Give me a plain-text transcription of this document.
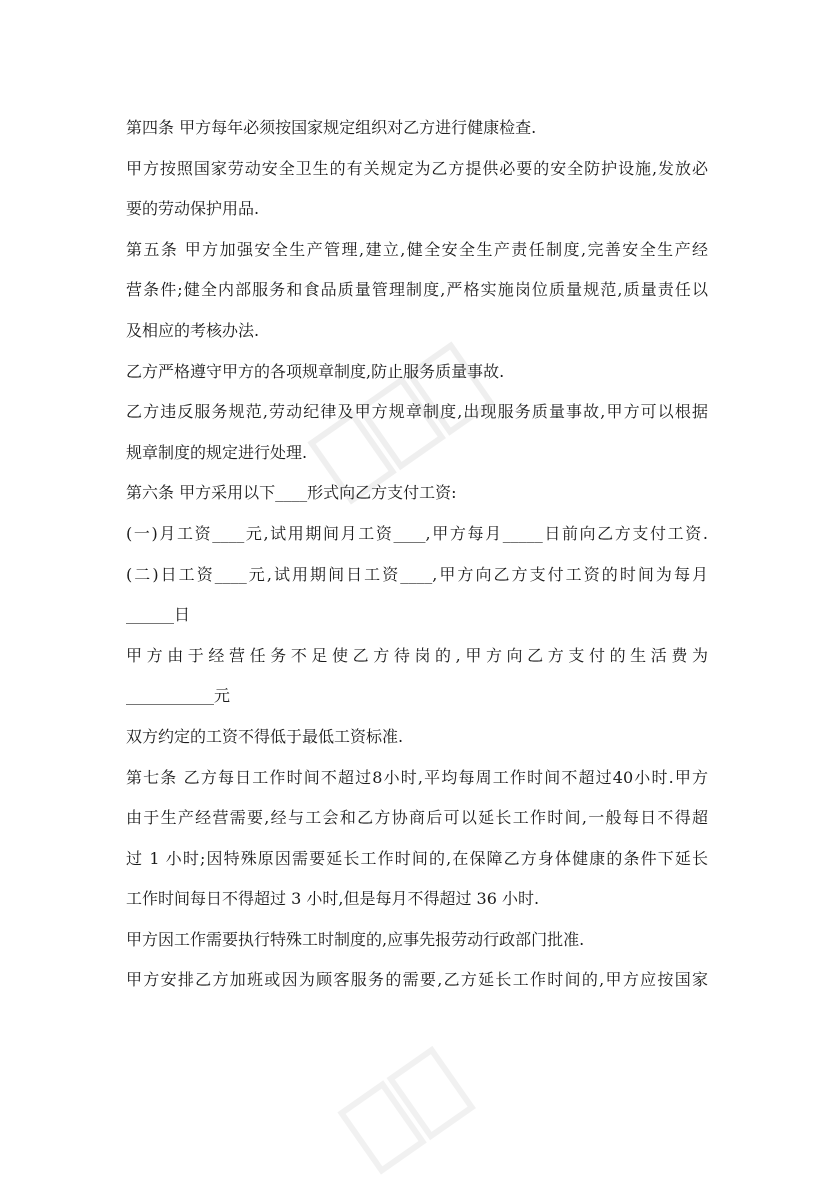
第四条 甲方每年必须按国家规定组织对乙方进行健康检查.
甲方按照国家劳动安全卫生的有关规定为乙方提供必要的安全防护设施,发放必
要的劳动保护用品.
第五条 甲方加强安全生产管理,建立,健全安全生产责任制度,完善安全生产经
营条件;健全内部服务和食品质量管理制度,严格实施岗位质量规范,质量责任以
及相应的考核办法.
乙方严格遵守甲方的各项规章制度,防止服务质量事故.
乙方违反服务规范,劳动纪律及甲方规章制度,出现服务质量事故,甲方可以根据
规章制度的规定进行处理.
第六条 甲方采用以下____形式向乙方支付工资:
(一)月工资____元,试用期间月工资____,甲方每月_____日前向乙方支付工资.
(二)日工资____元,试用期间日工资____,甲方向乙方支付工资的时间为每月
______日
甲方由于经营任务不足使乙方待岗的,甲方向乙方支付的生活费为
___________元
双方约定的工资不得低于最低工资标准.
第七条 乙方每日工作时间不超过8小时,平均每周工作时间不超过40小时.甲方
由于生产经营需要,经与工会和乙方协商后可以延长工作时间,一般每日不得超
过 1 小时;因特殊原因需要延长工作时间的,在保障乙方身体健康的条件下延长
工作时间每日不得超过 3 小时,但是每月不得超过 36 小时.
甲方因工作需要执行特殊工时制度的,应事先报劳动行政部门批准.
甲方安排乙方加班或因为顾客服务的需要,乙方延长工作时间的,甲方应按国家
